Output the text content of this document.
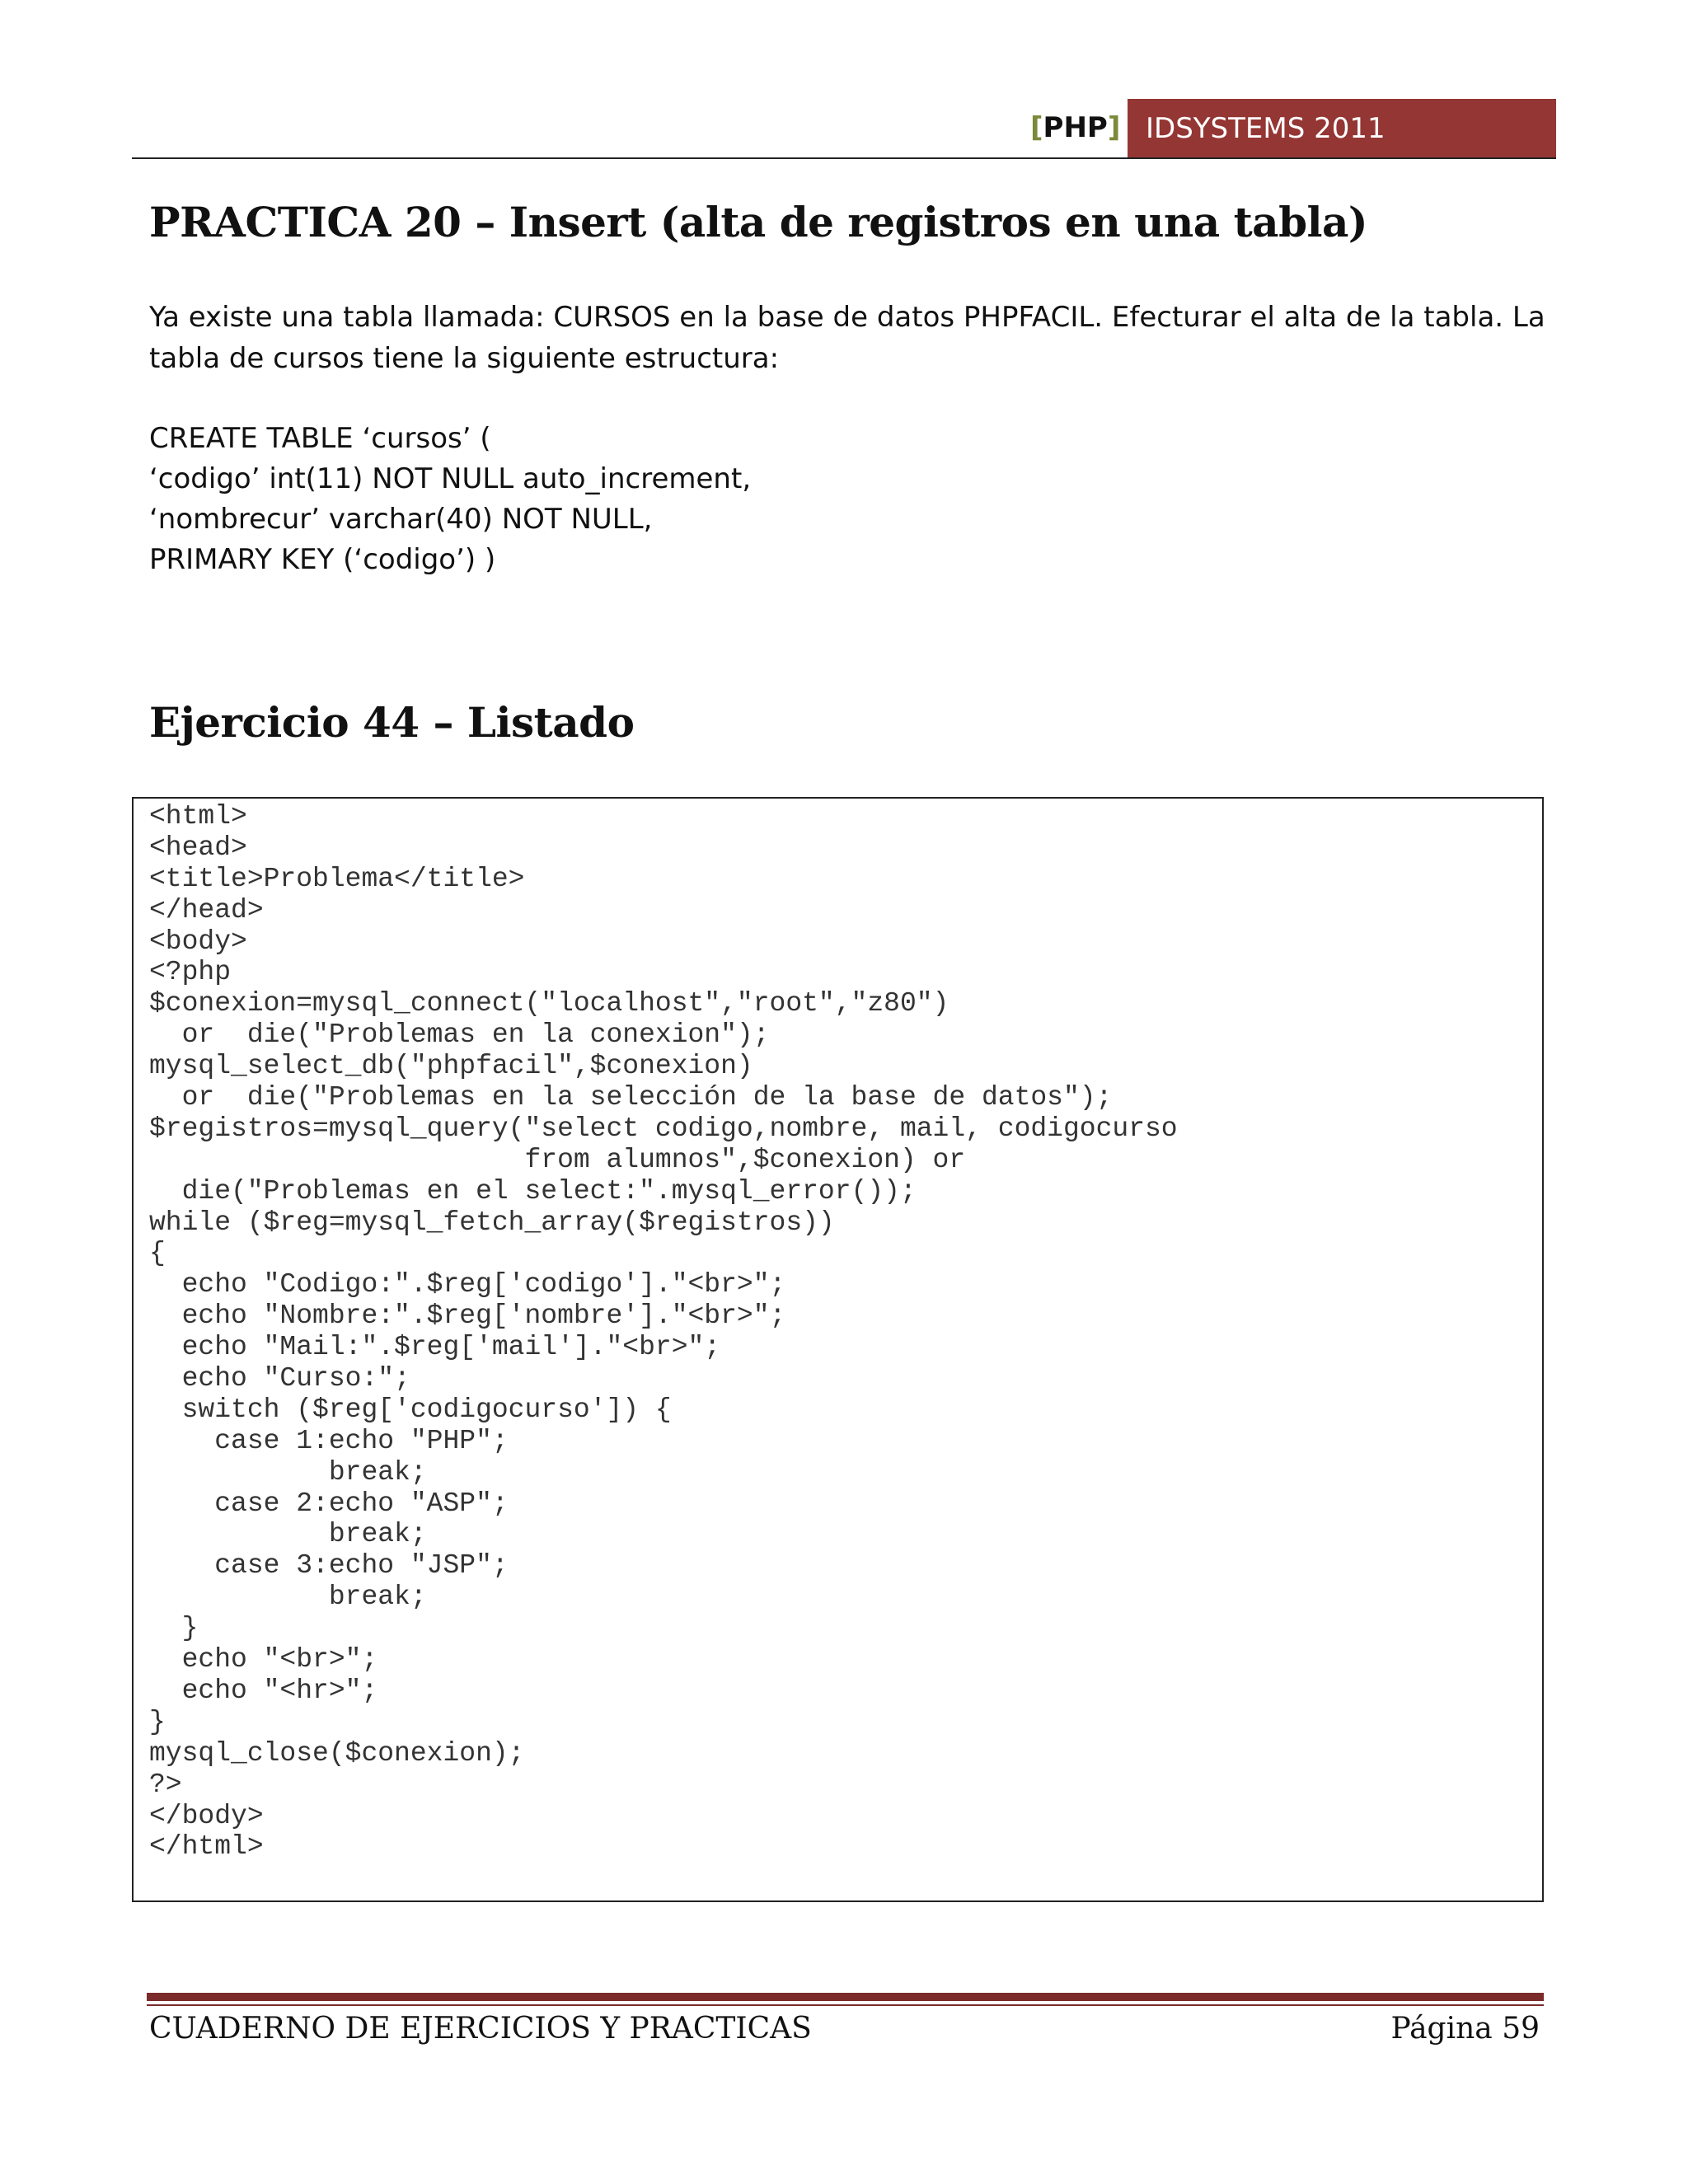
[PHP] IDSYSTEMS 2011
PRACTICA 20 – Insert (alta de registros en una tabla)

Ya existe una tabla llamada: CURSOS en la base de datos PHPFACIL. Efecturar el alta de la tabla. La tabla de cursos tiene la siguiente estructura:

CREATE TABLE ‘cursos’ (
‘codigo’ int(11) NOT NULL auto_increment,
‘nombrecur’ varchar(40) NOT NULL,
PRIMARY KEY (‘codigo’) )
Ejercicio 44 – Listado
<html>
<head>
<title>Problema</title>
</head>
<body>
<?php
$conexion=mysql_connect("localhost","root","z80")
or  die("Problemas en la conexion");
mysql_select_db("phpfacil",$conexion)
or  die("Problemas en la selección de la base de datos");
$registros=mysql_query("select codigo,nombre, mail, codigocurso
from alumnos",$conexion) or
die("Problemas en el select:".mysql_error());
while ($reg=mysql_fetch_array($registros))
{
echo "Codigo:".$reg['codigo']."<br>";
echo "Nombre:".$reg['nombre']."<br>";
echo "Mail:".$reg['mail']."<br>";
echo "Curso:";
switch ($reg['codigocurso']) {
case 1:echo "PHP";
break;
case 2:echo "ASP";
break;
case 3:echo "JSP";
break;
}
echo "<br>";
echo "<hr>";
}
mysql_close($conexion);
?>
</body>
</html>
CUADERNO DE EJERCICIOS Y PRACTICAS	Página 59
